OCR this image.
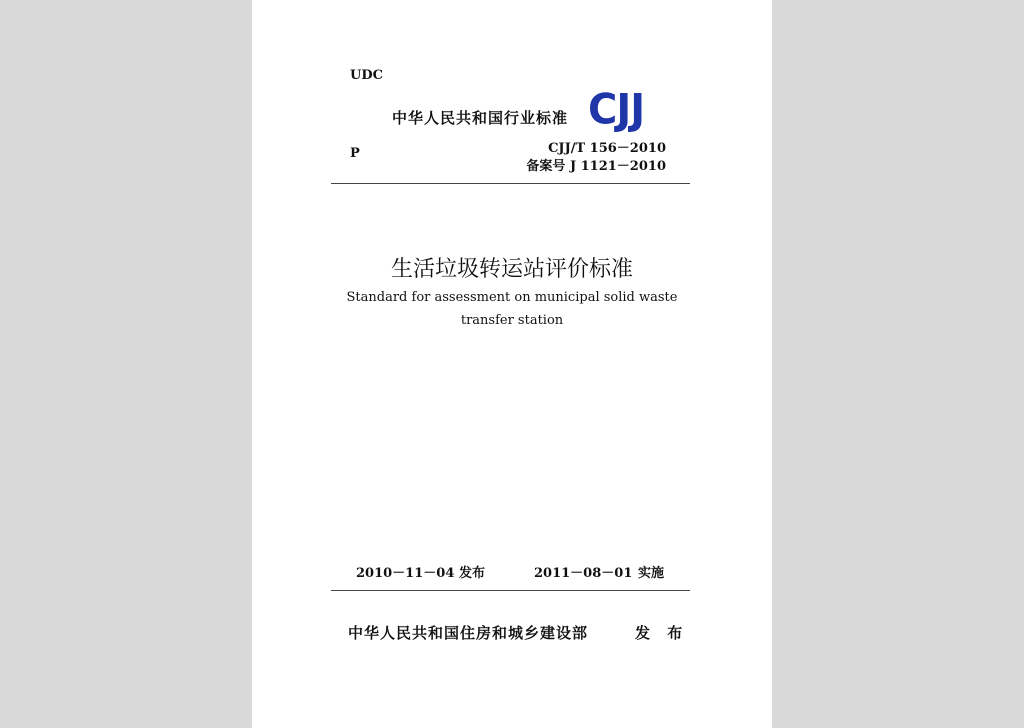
UDC
中华人民共和国行业标准 CJJ
P	CJJ/T 156－2010
备案号 J 1121－2010
生活垃圾转运站评价标准
Standard for assessment on municipal solid waste
transfer station
2010－11－04 发布	2011－08－01 实施
中华人民共和国住房和城乡建设部	发 布
